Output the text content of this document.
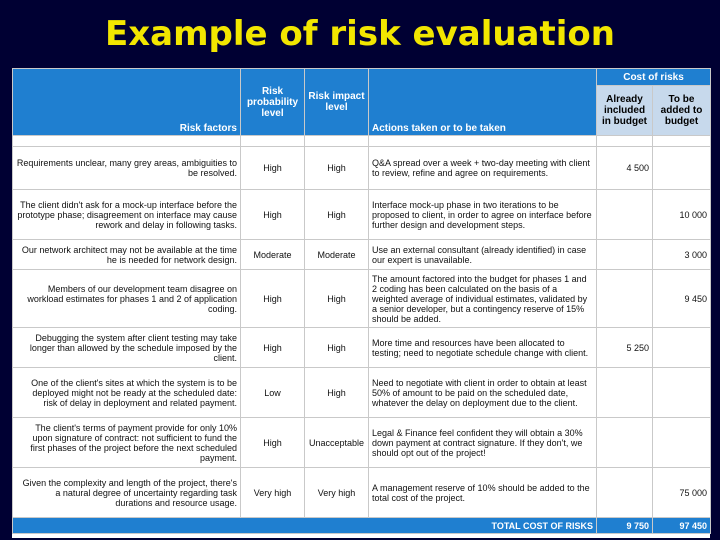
Example of risk evaluation
Risk factors	Risk probability level	Risk impact level	Actions taken or to be taken	Cost of risks	
				Already included in budget	To be added to budget

Requirements unclear, many grey areas, ambiguities to be resolved.	High	High	Q&A spread over a week + two-day meeting with client to review, refine and agree on requirements.	4 500	
The client didn't ask for a mock-up interface before the prototype phase; disagreement on interface may cause rework and delay in following tasks.	High	High	Interface mock-up phase in two iterations to be proposed to client, in order to agree on interface before further design and development steps.		10 000
Our network architect may not be available at the time he is needed for network design.	Moderate	Moderate	Use an external consultant (already identified) in case our expert is unavailable.		3 000
Members of our development team disagree on workload estimates for phases 1 and 2 of application coding.	High	High	The amount factored into the budget for phases 1 and 2 coding has been calculated on the basis of a weighted average of individual estimates, validated by a senior developer, but a contingency reserve of 15% should be added.		9 450
Debugging the system after client testing may take longer than allowed by the schedule imposed by the client.	High	High	More time and resources have been allocated to testing; need to negotiate schedule change with client.	5 250	
One of the client's sites at which the system is to be deployed might not be ready at the scheduled date: risk of delay in deployment and related payment.	Low	High	Need to negotiate with client in order to obtain at least 50% of amount to be paid on the scheduled date, whatever the delay on deployment due to the client.		
The client's terms of payment provide for only 10% upon signature of contract: not sufficient to fund the first phases of the project before the next scheduled payment.	High	Unacceptable	Legal & Finance feel confident they will obtain a 30% down payment at contract signature. If they don't, we should opt out of the project!		
Given the complexity and length of the project, there's a natural degree of uncertainty regarding task durations and resource usage.	Very high	Very high	A management reserve of 10% should be added to the total cost of the project.		75 000
TOTAL COST OF RISKS				9 750	97 450
